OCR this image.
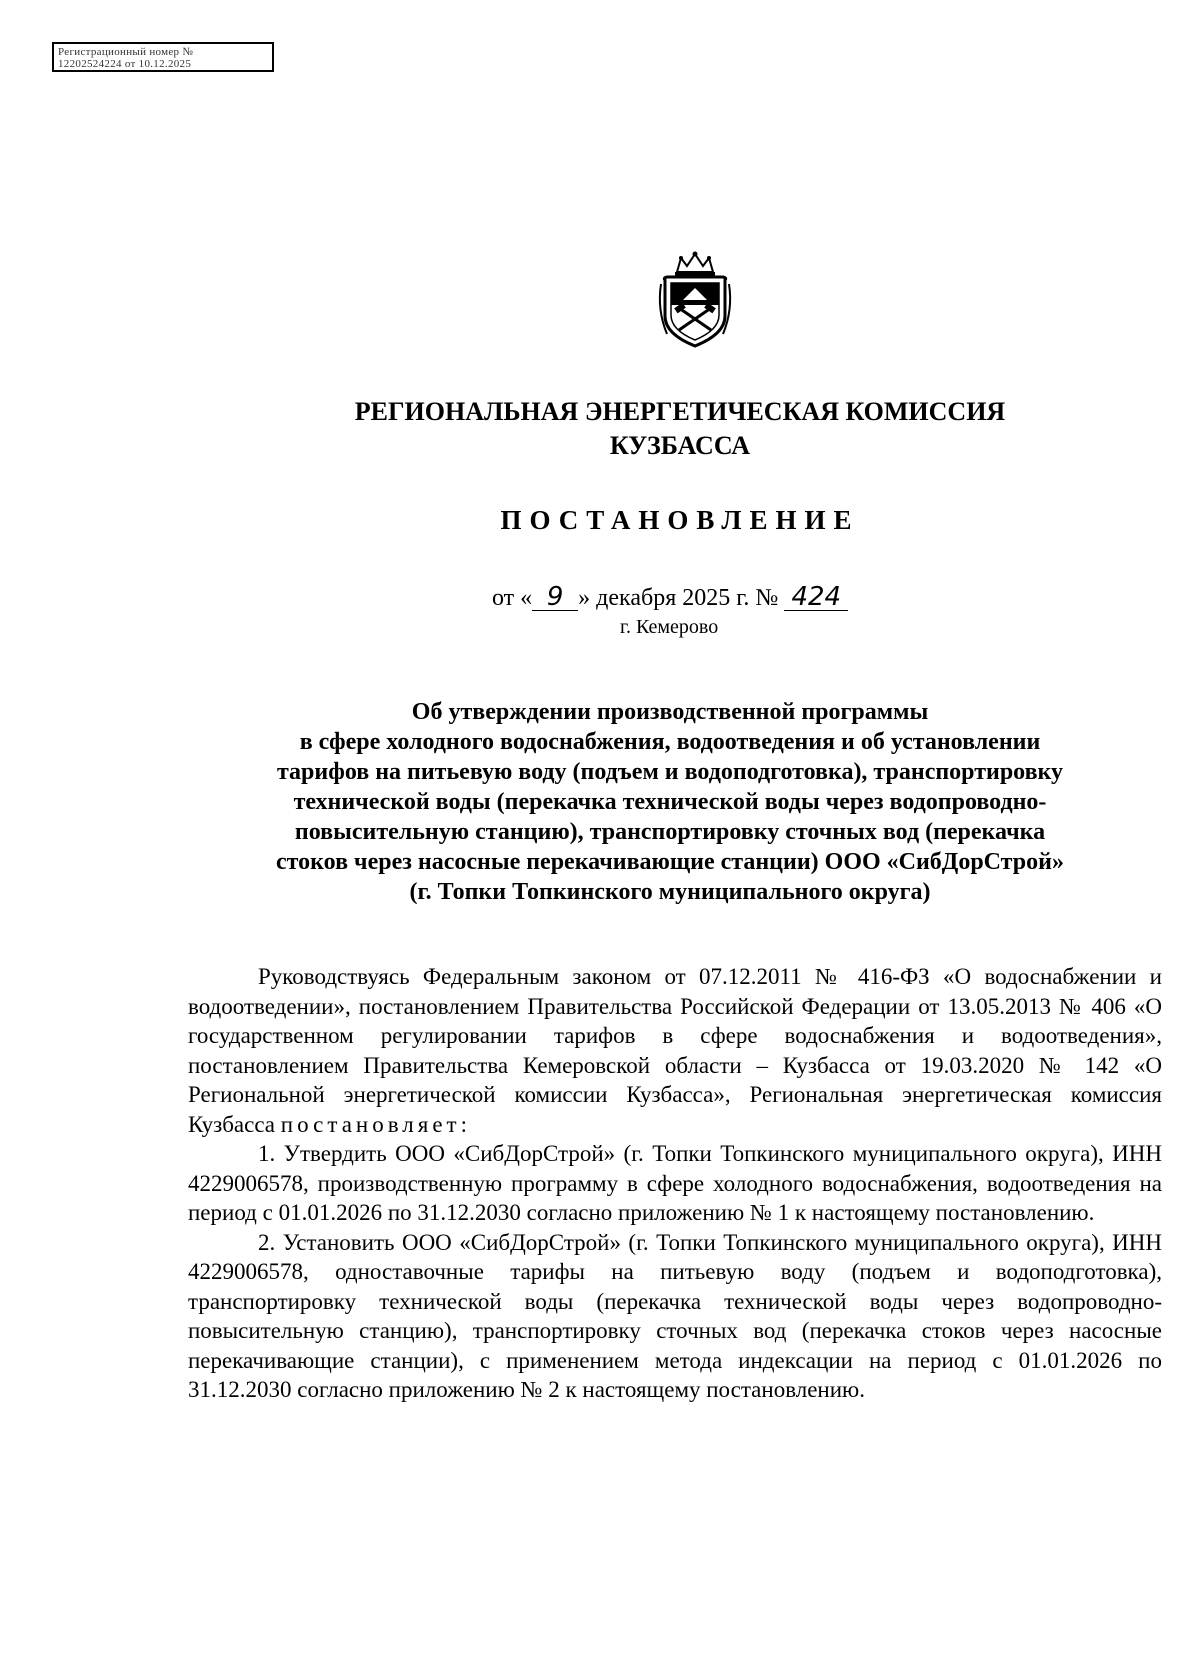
Регистрационный номер №
12202524224 от 10.12.2025
РЕГИОНАЛЬНАЯ ЭНЕРГЕТИЧЕСКАЯ КОМИССИЯ
КУЗБАССА
ПОСТАНОВЛЕНИЕ
от « 9 » декабря 2025 г. № 424
г. Кемерово
Об утверждении производственной программы
в сфере холодного водоснабжения, водоотведения и об установлении
тарифов на питьевую воду (подъем и водоподготовка), транспортировку
технической воды (перекачка технической воды через водопроводно-
повысительную станцию), транспортировку сточных вод (перекачка
стоков через насосные перекачивающие станции) ООО «СибДорСтрой»
(г. Топки Топкинского муниципального округа)

Руководствуясь Федеральным законом от 07.12.2011 № 416-ФЗ «О водоснабжении и водоотведении», постановлением Правительства Российской Федерации от 13.05.2013 № 406 «О государственном регулировании тарифов в сфере водоснабжения и водоотведения», постановлением Правительства Кемеровской области – Кузбасса от 19.03.2020 № 142 «О Региональной энергетической комиссии Кузбасса», Региональная энергетическая комиссия Кузбасса постановляет:

1. Утвердить ООО «СибДорСтрой» (г. Топки Топкинского муниципального округа), ИНН 4229006578, производственную программу в сфере холодного водоснабжения, водоотведения на период с 01.01.2026 по 31.12.2030 согласно приложению № 1 к настоящему постановлению.

2. Установить ООО «СибДорСтрой» (г. Топки Топкинского муниципального округа), ИНН 4229006578, одноставочные тарифы на питьевую воду (подъем и водоподготовка), транспортировку технической воды (перекачка технической воды через водопроводно-повысительную станцию), транспортировку сточных вод (перекачка стоков через насосные перекачивающие станции), с применением метода индексации на период с 01.01.2026 по 31.12.2030 согласно приложению № 2 к настоящему постановлению.
